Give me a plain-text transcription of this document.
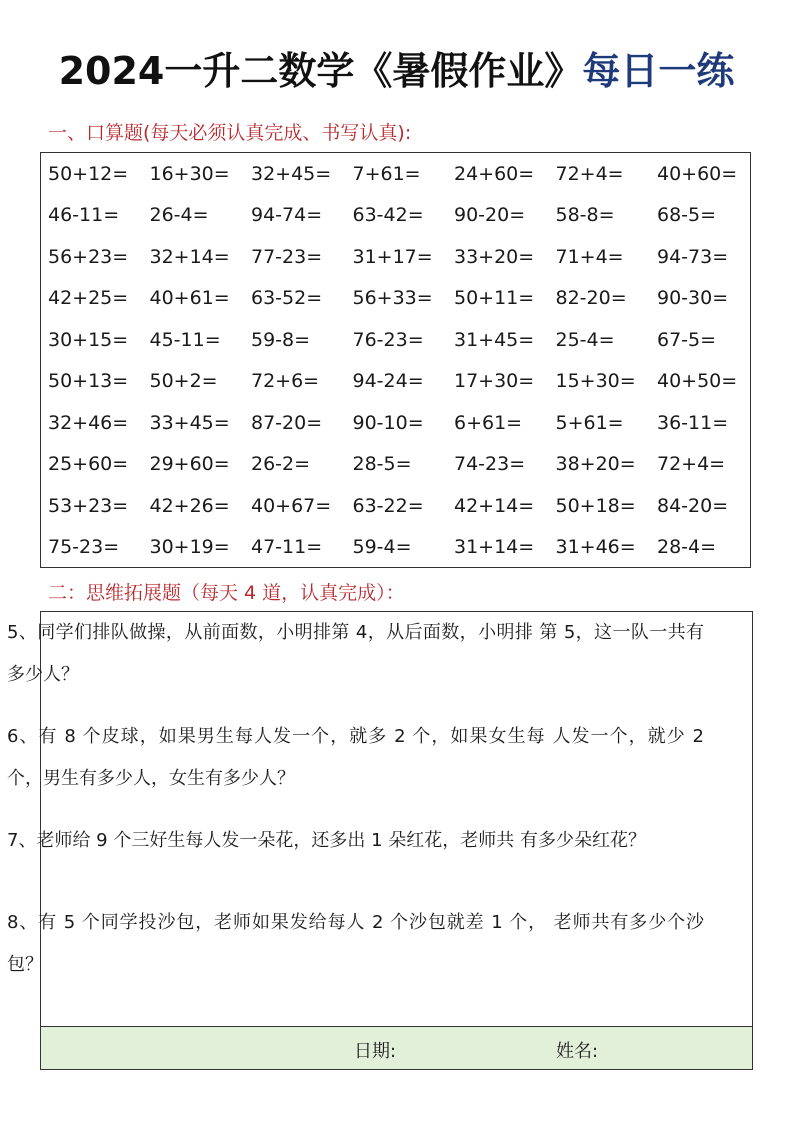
2024一升二数学《暑假作业》每日一练
一、口算题(每天必须认真完成、书写认真):
50+12=	16+30=	32+45=	7+61=	24+60=	72+4=	40+60=
46-11=	26-4=	94-74=	63-42=	90-20=	58-8=	68-5=
56+23=	32+14=	77-23=	31+17=	33+20=	71+4=	94-73=
42+25=	40+61=	63-52=	56+33=	50+11=	82-20=	90-30=
30+15=	45-11=	59-8=	76-23=	31+45=	25-4=	67-5=
50+13=	50+2=	72+6=	94-24=	17+30=	15+30=	40+50=
32+46=	33+45=	87-20=	90-10=	6+61=	5+61=	36-11=
25+60=	29+60=	26-2=	28-5=	74-23=	38+20=	72+4=
53+23=	42+26=	40+67=	63-22=	42+14=	50+18=	84-20=
75-23=	30+19=	47-11=	59-4=	31+14=	31+46=	28-4=
二：思维拓展题（每天 4 道，认真完成）：
5、同学们排队做操，从前面数，小明排第 4，从后面数，小明排 第 5，这一队一共有多少人？
6、有 8 个皮球，如果男生每人发一个，就多 2 个，如果女生每 人发一个，就少 2 个，男生有多少人，女生有多少人？
7、老师给 9 个三好生每人发一朵花，还多出 1 朵红花，老师共 有多少朵红花？
8、有 5 个同学投沙包，老师如果发给每人 2 个沙包就差 1 个， 老师共有多少个沙包？
日期:	姓名:
